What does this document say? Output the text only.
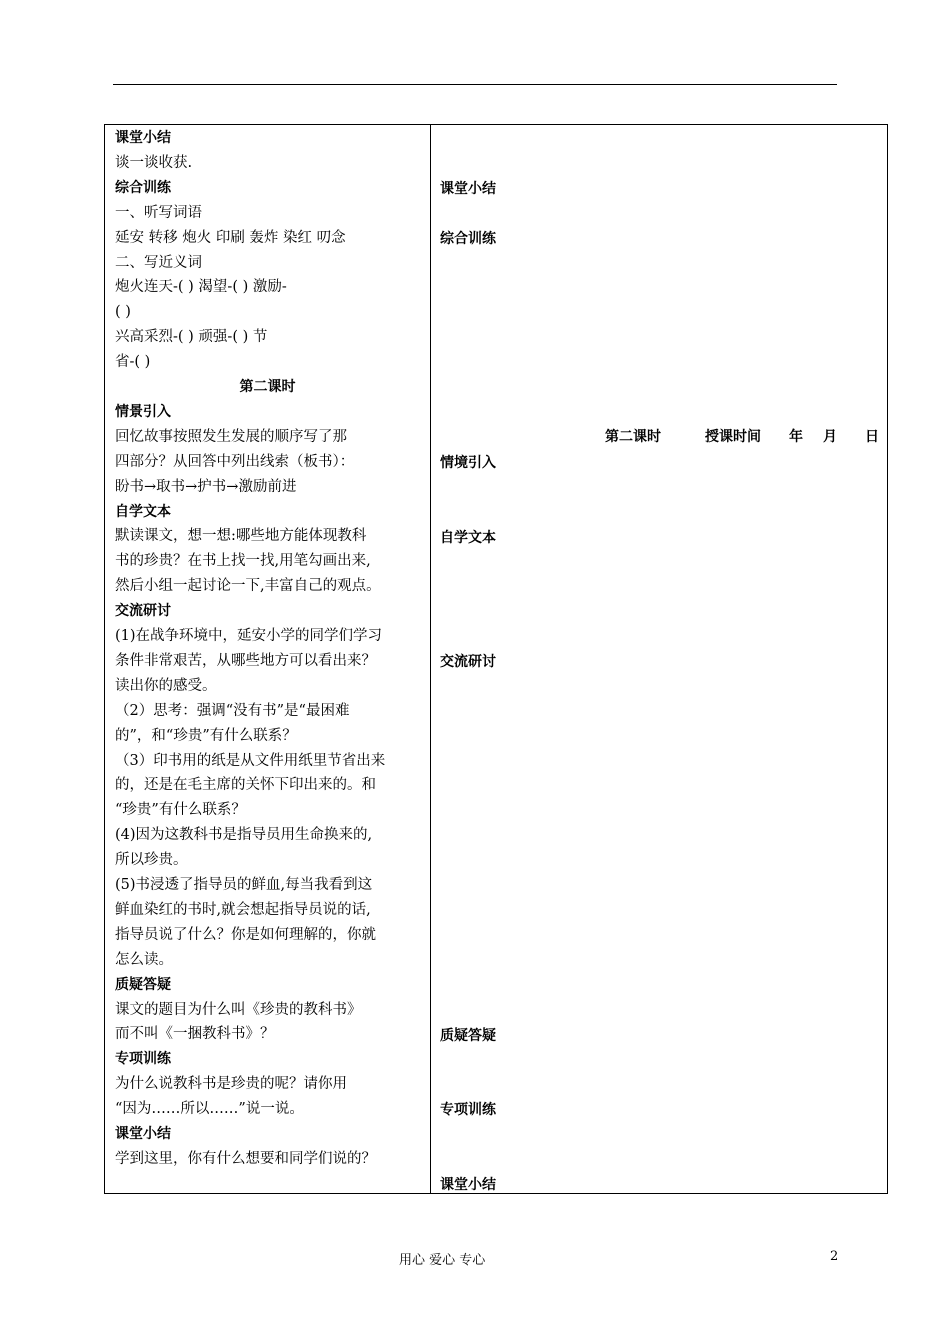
课堂小结
谈一谈收获.
综合训练
一、听写词语
延安 转移 炮火 印刷 轰炸 染红 叨念
二、写近义词
炮火连天-( ) 渴望-( ) 激励-
( )
兴高采烈-( ) 顽强-( ) 节
省-( )
第二课时
情景引入
回忆故事按照发生发展的顺序写了那
四部分？从回答中列出线索（板书）：
盼书→取书→护书→激励前进
自学文本
默读课文，想一想:哪些地方能体现教科
书的珍贵？在书上找一找,用笔勾画出来,
然后小组一起讨论一下,丰富自己的观点。
交流研讨
(1)在战争环境中，延安小学的同学们学习
条件非常艰苦，从哪些地方可以看出来？
读出你的感受。
（2）思考：强调“没有书”是“最困难
的”，和“珍贵”有什么联系？
（3）印书用的纸是从文件用纸里节省出来
的，还是在毛主席的关怀下印出来的。和
“珍贵”有什么联系？
(4)因为这教科书是指导员用生命换来的,
所以珍贵。
(5)书浸透了指导员的鲜血,每当我看到这
鲜血染红的书时,就会想起指导员说的话,
指导员说了什么？你是如何理解的，你就
怎么读。
质疑答疑
课文的题目为什么叫《珍贵的教科书》
而不叫《一捆教科书》？
专项训练
为什么说教科书是珍贵的呢？请你用
“因为……所以……”说一说。
课堂小结
学到这里，你有什么想要和同学们说的？
第二课时	授课时间 年 月 日
课堂小结
综合训练
情境引入
自学文本
交流研讨
质疑答疑
专项训练
课堂小结
用心 爱心 专心	2
